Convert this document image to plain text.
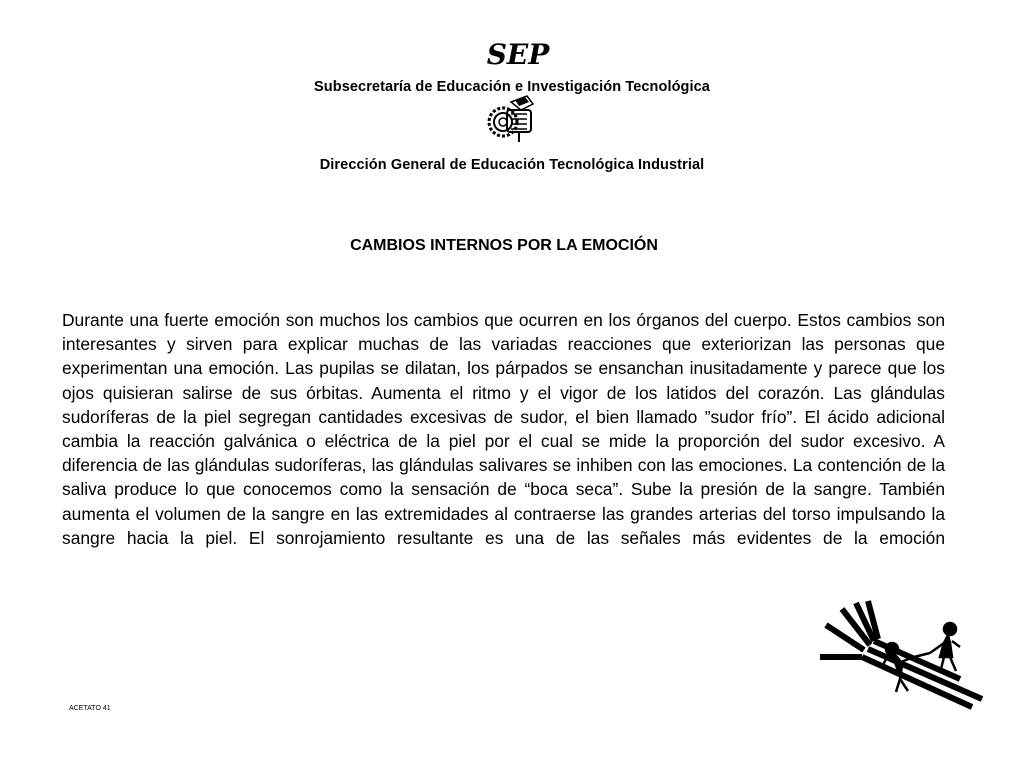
SEP
Subsecretaría de Educación e Investigación Tecnológica
Dirección General de Educación Tecnológica Industrial
CAMBIOS INTERNOS POR LA EMOCIÓN

Durante una fuerte emoción son muchos los cambios que ocurren en los órganos del cuerpo. Estos cambios son interesantes y sirven para explicar muchas de las variadas reacciones que exteriorizan las personas que experimentan una emoción. Las pupilas se dilatan, los párpados se ensanchan inusitadamente y parece que los ojos quisieran salirse de sus órbitas. Aumenta el ritmo y el vigor de los latidos del corazón. Las glándulas sudoríferas de la piel segregan cantidades excesivas de sudor, el bien llamado ”sudor frío”. El ácido adicional cambia la reacción galvánica o eléctrica de la piel por el cual se mide la proporción del sudor excesivo. A diferencia de las glándulas sudoríferas, las glándulas salivares se inhiben con las emociones. La contención de la saliva produce lo que conocemos como la sensación de “boca seca”. Sube la presión de la sangre. También aumenta el volumen de la sangre en las extremidades al contraerse las grandes arterias del torso impulsando la sangre hacia la piel. El sonrojamiento resultante es una de las señales más evidentes de la emoción

ACETATO 41
